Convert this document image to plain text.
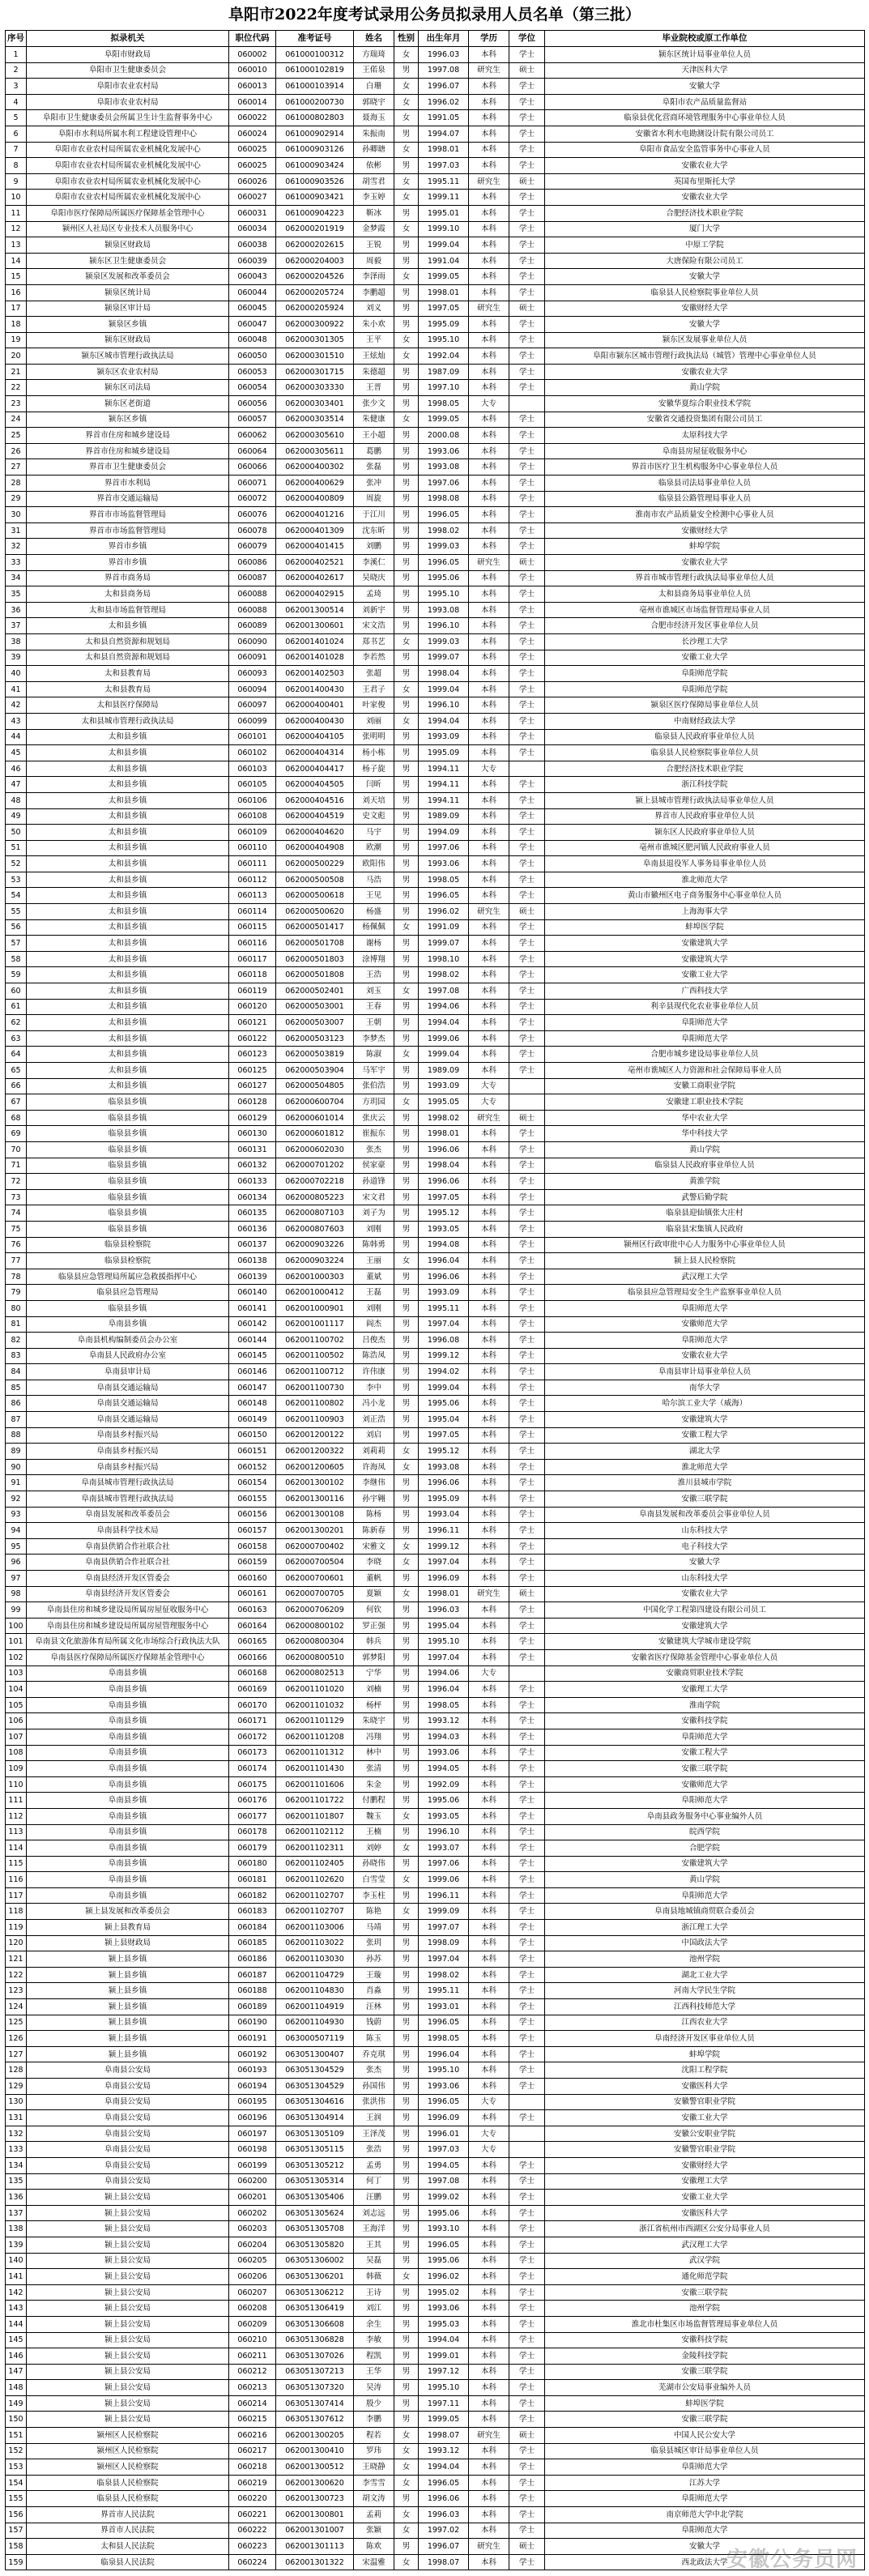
阜阳市2022年度考试录用公务员拟录用人员名单（第三批）
序号	拟录机关	职位代码	准考证号	姓名	性别	出生年月	学历	学位	毕业院校或原工作单位
1	阜阳市财政局	060002	061000100312	方瑞琦	女	1996.03	本科	学士	颍东区统计局事业单位人员
2	阜阳市卫生健康委员会	060010	061000102819	王偌泉	男	1997.08	研究生	硕士	天津医科大学
3	阜阳市农业农村局	060013	061000103914	白珊	女	1996.07	本科	学士	安徽大学
4	阜阳市农业农村局	060014	061000200730	郭晓宇	女	1996.02	本科	学士	阜阳市农产品质量监督站
5	阜阳市卫生健康委员会所属卫生计生监督事务中心	060022	061000802803	聂海玉	女	1991.05	本科	学士	临泉县优化营商环境管理服务中心事业单位人员
6	阜阳市水利局所属水利工程建设管理中心	060024	061000902914	朱振南	男	1994.07	本科	学士	安徽省水利水电勘测设计院有限公司员工
7	阜阳市农业农村局所属农业机械化发展中心	060025	061000903126	孙卿瑭	女	1998.01	本科	学士	阜阳市食品安全监管事务中心事业人员
8	阜阳市农业农村局所属农业机械化发展中心	060025	061000903424	依彬	男	1997.03	本科	学士	安徽农业大学
9	阜阳市农业农村局所属农业机械化发展中心	060026	061000903526	胡雪君	女	1995.11	研究生	硕士	英国布里斯托大学
10	阜阳市农业农村局所属农业机械化发展中心	060027	061000903421	李玉婷	女	1999.11	本科	学士	安徽农业大学
11	阜阳市医疗保障局所属医疗保障基金管理中心	060031	061000904223	靳冰	男	1995.01	本科	学士	合肥经济技术职业学院
12	颍州区人社局区专业技术人员服务中心	060034	062000201919	金梦霞	女	1999.10	本科	学士	厦门大学
13	颍泉区财政局	060038	062000202615	王锐	男	1999.04	本科	学士	中原工学院
14	颍东区卫生健康委员会	060039	062000204003	周毅	男	1991.04	本科	学士	大唐保险有限公司员工
15	颍泉区发展和改革委员会	060043	062000204526	李泽雨	女	1999.05	本科	学士	安徽大学
16	颍泉区统计局	060044	062000205724	李鹏超	男	1998.01	本科	学士	临泉县人民检察院事业单位人员
17	颍泉区审计局	060045	062000205924	刘义	男	1997.05	研究生	硕士	安徽财经大学
18	颍泉区乡镇	060047	062000300922	朱小欢	男	1995.09	本科	学士	安徽大学
19	颍东区财政局	060048	062000301305	王平	女	1995.10	本科	学士	颍东区发展事业单位人员
20	颍东区城市管理行政执法局	060050	062000301510	王炫灿	女	1992.04	本科	学士	阜阳市颍东区城市管理行政执法局（城管）管理中心事业单位人员
21	颍东区农业农村局	060053	062000301715	朱德超	男	1987.09	本科	学士	安徽农业大学
22	颍东区司法局	060054	062000303330	王晋	男	1997.10	本科	学士	黄山学院
23	颍东区老街道	060056	062000303401	张少文	男	1998.05	大专		安徽华夏综合职业技术学院
24	颍东区乡镇	060057	062000303514	朱健康	女	1999.05	本科	学士	安徽省交通投资集团有限公司员工
25	界首市住房和城乡建设局	060062	062000305610	王小超	男	2000.08	本科	学士	太原科技大学
26	界首市住房和城乡建设局	060064	062000305611	葛鹏	男	1993.06	本科	学士	阜南县房屋征收服务中心
27	界首市卫生健康委员会	060066	062000400302	张磊	男	1993.08	本科	学士	界首市医疗卫生机构服务中心事业单位人员
28	界首市水利局	060071	062000400629	张冲	男	1997.06	本科	学士	临泉县司法局事业单位人员
29	界首市交通运输局	060072	062000400809	周旋	男	1998.08	本科	学士	临泉县公路管理局事业人员
30	界首市市场监督管理局	060076	062000401216	于江川	男	1996.05	本科	学士	淮南市农产品质量安全检测中心事业人员
31	界首市市场监督管理局	060078	062000401309	沈东昕	男	1998.02	本科	学士	安徽财经大学
32	界首市乡镇	060079	062000401415	刘鹏	男	1999.03	本科	学士	蚌埠学院
33	界首市乡镇	060086	062000402521	李溪仁	男	1996.05	研究生	硕士	安徽农业大学
34	界首市商务局	060087	062000402617	吴晓庆	男	1995.06	本科	学士	界首市城市管理行政执法局事业单位人员
35	太和县商务局	060088	062000402915	孟琦	男	1995.10	本科	学士	太和县商务局事业单位人员
36	太和县市场监督管理局	060088	062001300514	刘新宇	男	1993.08	本科	学士	亳州市谯城区市场监督管理局事业人员
37	太和县乡镇	060089	062001300601	宋文浩	男	1996.10	本科	学士	合肥市经济开发区事业单位人员
38	太和县自然资源和规划局	060090	062001401024	郑书艺	女	1999.03	本科	学士	长沙理工大学
39	太和县自然资源和规划局	060091	062001401028	李若然	男	1999.07	本科	学士	安徽工业大学
40	太和县教育局	060093	062001402503	张超	男	1998.04	本科	学士	阜阳师范学院
41	太和县教育局	060094	062001400430	王君子	女	1999.04	本科	学士	阜阳师范学院
42	太和县医疗保障局	060097	062000400401	叶家俊	男	1996.10	本科	学士	颍泉区医疗保障局事业单位人员
43	太和县城市管理行政执法局	060099	062000400430	刘丽	女	1994.04	本科	学士	中南财经政法大学
44	太和县乡镇	060101	062000404105	张明明	男	1993.09	本科	学士	临泉县人民政府事业单位人员
45	太和县乡镇	060102	062000404314	杨小栋	男	1995.09	本科	学士	临泉县人民检察院事业单位人员
46	太和县乡镇	060103	062000404417	杨子旋	男	1994.11	大专		合肥经济技术职业学院
47	太和县乡镇	060105	062000404505	闫昕	男	1994.11	本科	学士	浙江科技学院
48	太和县乡镇	060106	062000404516	刘天培	男	1994.11	本科	学士	颍上县城市管理行政执法局事业单位人员
49	太和县乡镇	060108	062000404519	史文彪	男	1989.09	本科	学士	界首市人民政府事业单位人员
50	太和县乡镇	060109	062000404620	马宇	男	1994.09	本科	学士	颍东区人民政府事业单位人员
51	太和县乡镇	060110	062000404908	欧潮	男	1997.06	本科	学士	亳州市谯城区肥河镇人民政府事业人员
52	太和县乡镇	060111	062000500229	欧阳伟	男	1993.06	本科	学士	阜南县退役军人事务局事业单位人员
53	太和县乡镇	060112	062000500508	马浩	男	1998.05	本科	学士	淮北师范大学
54	太和县乡镇	060113	062000500618	王见	男	1996.05	本科	学士	黄山市徽州区电子商务服务中心事业单位人员
55	太和县乡镇	060114	062000500620	杨盛	男	1996.02	研究生	硕士	上海海事大学
56	太和县乡镇	060115	062000501417	杨佩佩	女	1991.09	本科	学士	蚌埠医学院
57	太和县乡镇	060116	062000501708	谢杨	男	1999.07	本科	学士	安徽建筑大学
58	太和县乡镇	060117	062000501803	涂博翔	男	1998.10	本科	学士	安徽建筑大学
59	太和县乡镇	060118	062000501808	王浩	男	1998.02	本科	学士	安徽工业大学
60	太和县乡镇	060119	062000502401	刘玉	女	1997.08	本科	学士	广西科技大学
61	太和县乡镇	060120	062000503001	王春	男	1994.06	本科	学士	利辛县现代化农业事业单位人员
62	太和县乡镇	060121	062000503007	王朝	男	1994.04	本科	学士	阜阳师范大学
63	太和县乡镇	060122	062000503123	李梦杰	男	1999.06	本科	学士	阜阳师范大学
64	太和县乡镇	060123	062000503819	陈淑	女	1999.04	本科	学士	合肥市城乡建设局事业单位人员
65	太和县乡镇	060125	062000503904	马军宇	男	1989.09	本科	学士	亳州市谯城区人力资源和社会保障局事业人员
66	太和县乡镇	060127	062000504805	张伯浩	男	1993.09	大专		安徽工商职业学院
67	临泉县乡镇	060128	062000600704	方玥园	女	1995.05	大专		安徽建工职业技术学院
68	临泉县乡镇	060129	062000601014	张庆云	男	1998.02	研究生	硕士	华中农业大学
69	临泉县乡镇	060130	062000601812	崔振东	男	1998.01	本科	学士	华中科技大学
70	临泉县乡镇	060131	062000602030	张杰	男	1996.06	本科	学士	黄山学院
71	临泉县乡镇	060132	062000701202	侯家豪	男	1998.04	本科	学士	临泉县人民政府事业单位人员
72	临泉县乡镇	060133	062000702218	孙道锋	男	1996.06	本科	学士	黄淮学院
73	临泉县乡镇	060134	062000805223	宋文君	男	1997.05	本科	学士	武警后勤学院
74	临泉县乡镇	060135	062000807103	刘子为	男	1995.12	本科	学士	临泉县迎仙镇张大庄村
75	临泉县乡镇	060136	062000807603	刘刚	男	1993.05	本科	学士	临泉县宋集镇人民政府
76	临泉县检察院	060137	062000903226	陈韩勇	男	1994.08	本科	学士	颍州区行政审批中心人力服务中心事业单位人员
77	临泉县检察院	060138	062000903224	王丽	女	1996.04	本科	学士	颍上县人民检察院
78	临泉县应急管理局所属应急救援指挥中心	060139	062001000303	董斌	男	1996.06	本科	学士	武汉理工大学
79	临泉县应急管理局	060140	062001000412	王磊	男	1993.09	本科	学士	临泉县应急管理局安全生产监察事业单位人员
80	临泉县乡镇	060141	062001000901	刘刚	男	1995.11	本科	学士	阜阳师范大学
81	阜南县乡镇	060142	062001001117	阎杰	男	1997.04	本科	学士	安徽师范大学
82	阜南县机构编制委员会办公室	060144	062001100702	吕俊杰	男	1996.08	本科	学士	阜阳师范大学
83	阜南县人民政府办公室	060145	062001100502	陈浩凤	男	1999.12	本科	学士	安徽农业大学
84	阜南县审计局	060146	062001100712	许伟康	男	1994.02	本科	学士	阜南县审计局事业单位人员
85	阜南县交通运输局	060147	062001100730	李中	男	1999.04	本科	学士	南华大学
86	阜南县交通运输局	060148	062001100802	冯小龙	男	1995.06	本科	学士	哈尔滨工业大学（威海）
87	阜南县交通运输局	060149	062001100903	刘正浩	男	1995.04	本科	学士	安徽建筑大学
88	阜南县乡村振兴局	060150	062001200122	刘启	男	1997.05	本科	学士	安徽工程大学
89	阜南县乡村振兴局	060151	062001200322	刘莉莉	女	1995.12	本科	学士	湖北大学
90	阜南县乡村振兴局	060152	062001200605	许海凤	女	1993.08	本科	学士	淮北师范大学
91	阜南县城市管理行政执法局	060154	062001300102	李继伟	男	1996.06	本科	学士	淮川县城市学院
92	阜南县城市管理行政执法局	060155	062001300116	孙宇翱	男	1995.09	本科	学士	安徽三联学院
93	阜南县发展和改革委员会	060156	062001300108	陈杨	男	1993.04	本科	学士	阜南县发展和改革委员会事业单位人员
94	阜南县科学技术局	060157	062001300201	陈新春	男	1996.11	本科	学士	山东科技大学
95	阜南县供销合作社联合社	060158	062000700402	宋雅文	女	1999.12	本科	学士	电子科技大学
96	阜南县供销合作社联合社	060159	062000700504	李晓	女	1997.04	本科	学士	安徽大学
97	阜南县经济开发区管委会	060160	062000700601	董帆	男	1996.09	本科	学士	山东科技大学
98	阜南县经济开发区管委会	060161	062000700705	夏颖	女	1998.01	研究生	硕士	安徽农业大学
99	阜南县住房和城乡建设局所属房屋征收服务中心	060163	062000706209	何钦	男	1996.03	本科	学士	中国化学工程第四建设有限公司员工
100	阜南县住房和城乡建设局所属房屋管理服务中心	060164	062000800102	罗正强	男	1995.04	本科	学士	安徽建筑大学
101	阜南县文化旅游体育局所属文化市场综合行政执法大队	060165	062000800304	韩兵	男	1995.10	本科	学士	安徽建筑大学城市建设学院
102	阜南县医疗保障局所属医疗保障基金管理中心	060166	062000800510	郭梦阳	男	1997.04	本科	学士	安徽省医疗保障基金管理中心事业单位人员
103	阜南县乡镇	060168	062000802513	宁华	男	1994.06	大专		安徽商贸职业技术学院
104	阜南县乡镇	060169	062001101020	刘楠	男	1996.04	本科	学士	安徽理工大学
105	阜南县乡镇	060170	062001101032	杨枰	男	1998.05	本科	学士	淮南学院
106	阜南县乡镇	060171	062001101129	朱晓宇	男	1993.12	本科	学士	安徽科技学院
107	阜南县乡镇	060172	062001101208	冯翔	男	1994.03	本科	学士	阜阳师范大学
108	阜南县乡镇	060173	062001101312	林中	男	1993.06	本科	学士	安徽工程大学
109	阜南县乡镇	060174	062001101430	张清	男	1994.05	本科	学士	安徽三联学院
110	阜南县乡镇	060175	062001101606	朱金	男	1992.09	本科	学士	安徽师范大学
111	阜南县乡镇	060176	062001101722	付鹏程	男	1995.06	本科	学士	阜阳师范大学
112	阜南县乡镇	060177	062001101807	魏玉	女	1993.05	本科	学士	阜南县政务服务中心事业编外人员
113	阜南县乡镇	060178	062001102112	王楠	男	1996.10	本科	学士	皖西学院
114	阜南县乡镇	060179	062001102311	刘婷	女	1993.07	本科	学士	合肥学院
115	阜南县乡镇	060180	062001102405	孙晓伟	男	1997.06	本科	学士	安徽建筑大学
116	阜南县乡镇	060181	062001102620	白雪莹	女	1999.06	本科	学士	黄山学院
117	阜南县乡镇	060182	062001102707	李玉柱	男	1996.11	本科	学士	阜阳师范大学
118	颍上县发展和改革委员会	060183	062001102707	陈艳	女	1999.09	本科	学士	阜南县地城镇商贸联合委员会
119	颍上县教育局	060184	062001103006	马靖	男	1997.07	本科	学士	浙江理工大学
120	颍上县财政局	060185	062001103022	张玥	男	1998.09	本科	学士	中国政法大学
121	颍上县乡镇	060186	062001103030	孙苏	男	1997.04	本科	学士	池州学院
122	颍上县乡镇	060187	062001104729	王璇	男	1998.02	本科	学士	湖北工业大学
123	颍上县乡镇	060188	062001104830	肖淼	男	1995.11	本科	学士	河南大学民生学院
124	颍上县乡镇	060189	062001104919	汪林	男	1993.01	本科	学士	江西科技师范大学
125	颍上县乡镇	060190	062001104930	钱蔚	男	1996.05	本科	学士	江西农业大学
126	颍上县乡镇	060191	063000507119	陈玉	男	1998.05	本科	学士	阜南经济开发区事业单位人员
127	颍上县乡镇	060192	063051300407	乔克琪	男	1996.04	本科	学士	蚌埠学院
128	阜南县公安局	060193	063051304529	张杰	男	1995.10	本科	学士	沈阳工程学院
129	阜南县公安局	060194	063051304529	孙国伟	男	1993.06	本科	学士	安徽医科大学
130	阜南县公安局	060195	063051304616	张洪伟	男	1996.05	大专		安徽警官职业学院
131	阜南县公安局	060196	063051304914	王润	男	1996.09	本科	学士	安徽工业大学
132	阜南县公安局	060197	063051305109	王泽茂	男	1996.01	大专		安徽公安职业学院
133	阜南县公安局	060198	063051305115	张浩	男	1997.03	大专		安徽警官职业学院
134	阜南县公安局	060199	063051305212	孟勇	男	1994.05	本科	学士	安徽财经大学
135	阜南县公安局	060200	063051305314	何丁	男	1997.08	本科	学士	安徽理工大学
136	颍上县公安局	060201	063051305406	汪鹏	男	1999.02	本科	学士	安徽工业大学
137	颍上县公安局	060202	063051305624	刘志远	男	1995.06	本科	学士	安徽医科大学
138	颍上县公安局	060203	063051305708	王海洋	男	1993.10	本科	学士	浙江省杭州市西湖区公安分局事业人员
139	颍上县公安局	060204	063051305820	王其	男	1996.05	本科	学士	武汉理工大学
140	颍上县公安局	060205	063051306002	吴磊	男	1995.06	本科	学士	武汉学院
141	颍上县公安局	060206	063051306201	韩薇	女	1996.02	本科	学士	通化师范学院
142	颍上县公安局	060207	063051306212	王诗	男	1995.02	本科	学士	安徽三联学院
143	颍上县公安局	060208	063051306419	刘江	男	1993.06	本科	学士	池州学院
144	颍上县公安局	060209	063051306608	余生	男	1995.03	本科	学士	淮北市杜集区市场监督管理局事业单位人员
145	颍上县公安局	060210	063051306828	李敏	男	1994.04	本科	学士	安徽科技学院
146	颍上县公安局	060211	063051307026	程凯	男	1999.01	本科	学士	金陵科技学院
147	颍上县公安局	060212	063051307213	王华	男	1997.12	本科	学士	安徽三联学院
148	颍上县公安局	060213	063051307320	吴涛	男	1995.10	本科	学士	芜湖市公安局事业编外人员
149	颍上县公安局	060214	063051307414	殷少	男	1997.11	本科	学士	蚌埠医学院
150	颍上县公安局	060215	063051307612	李鹏	男	1999.05	本科	学士	安徽三联学院
151	颍州区人民检察院	060216	062001300205	程若	女	1998.07	研究生	硕士	中国人民公安大学
152	颍州区人民检察院	060217	062001300410	罗玮	女	1993.12	本科	学士	临泉县城区审计局事业单位人员
153	颍州区人民检察院	060218	062001300512	王晓静	女	1994.04	本科	学士	阜阳师范大学
154	临泉县人民检察院	060219	062001300620	李雪雪	女	1996.05	本科	学士	江苏大学
155	临泉县人民检察院	060220	062001300723	胡文涛	男	1996.06	本科	学士	阜阳师范大学
156	界首市人民法院	060221	062001300801	孟莉	女	1996.03	本科	学士	南京师范大学中北学院
157	界首市人民法院	060222	062001301007	张颖	女	1997.02	本科	学士	阜阳师范大学
158	太和县人民法院	060223	062001301113	陈欢	男	1996.07	研究生	硕士	安徽大学
159	临泉县人民法院	060224	062001301322	宋温雅	女	1998.07	本科	学士	西北政法大学
安徽公务员网
